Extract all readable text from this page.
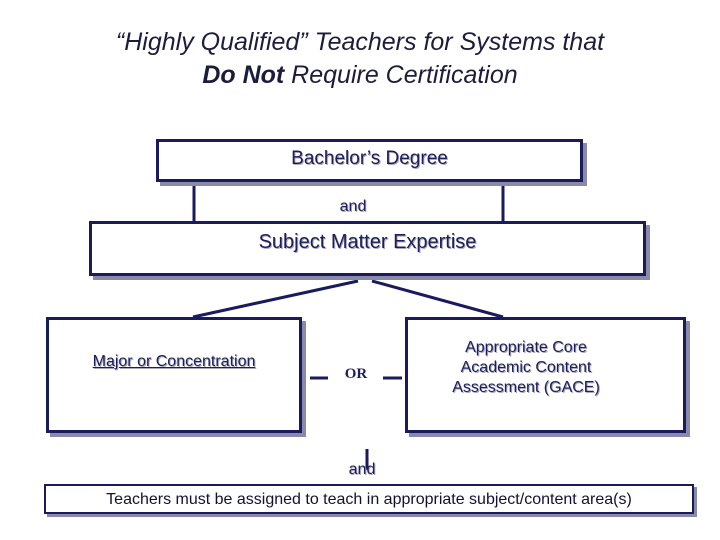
“Highly Qualified” Teachers for Systems that
Do Not Require Certification
Bachelor’s Degree
and
Subject Matter Expertise
Major or Concentration
OR
Appropriate Core
Academic Content
Assessment (GACE)
and
Teachers must be assigned to teach in appropriate subject/content area(s)
